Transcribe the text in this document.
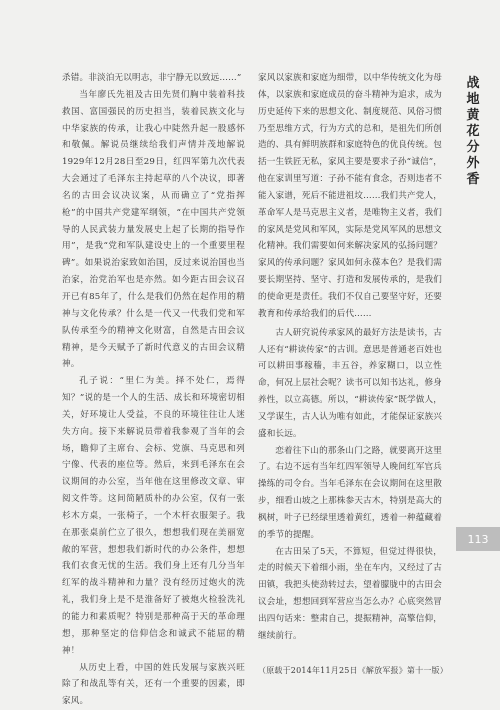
杀错。非淡泊无以明志，非宁静无以致远……”

当年廖氏先祖及古田先贤们胸中装着科技救国、富国强民的历史担当，装着民族文化与中华家族的传承，让我心中陡然升起一股感怀和敬佩。解说员继续给我们声情并茂地解说1929年12月28日至29日，红四军第九次代表大会通过了毛泽东主持起草的八个决议，即著名的古田会议决议案，从而确立了“党指挥枪”的中国共产党建军纲领，“在中国共产党领导的人民武装力量发展史上起了长期的指导作用”，是我“党和军队建设史上的一个重要里程碑”。如果说治家致如治国，反过来说治国也当治家，治党治军也是亦然。如今距古田会议召开已有85年了，什么是我们仍然在起作用的精神与文化传承？什么是一代又一代我们党和军队传承至今的精神文化财富，自然是古田会议精神，是今天赋予了新时代意义的古田会议精神。

孔子说：“里仁为美。择不处仁，焉得知？”说的是一个人的生活、成长和环境密切相关，好环境让人受益，不良的环境往往让人迷失方向。接下来解说员带着我参观了当年的会场，瞻仰了主席台、会标、党旗、马克思和列宁像、代表的座位等。然后，来到毛泽东在会议期间的办公室，当年他在这里修改文章、审阅文件等。这间简陋质朴的办公室，仅有一张杉木方桌，一张椅子，一个木杆衣服架子。我在那张桌前伫立了很久，想想我们现在美丽宽敞的军营，想想我们新时代的办公条件，想想我们衣食无忧的生活。我们身上还有几分当年红军的战斗精神和力量？没有经历过炮火的洗礼，我们身上是不是淮备好了被炮火检验洗礼的能力和素质呢？特别是那种高于天的革命理想，那种坚定的信仰信念和诚武不能屈的精神！

从历史上看，中国的姓氏发展与家族兴旺除了和战乱等有关，还有一个重要的因素，即家风。

家风以家族和家庭为细带，以中华传统文化为母体，以家族和家庭成员的奋斗精神为追求，成为历史延传下来的思想文化、制度规范、风俗习惯乃至思维方式，行为方式的总和，是祖先们所创造的、具有鲜明族群和家庭特色的优良传统。包括一生铁匠无私，家风主要是要求子孙“诚信”，他在家训里写道：子孙不能有食念，否则违者不能入家谱，死后不能进祖坟……我们共产党人，革命军人是马克思主义者，是唯物主义者，我们的家风是党风和军风，实际是党风军风的思想文化精神。我们需要如何来解决家风的弘扬问题？家风的传承问题？家风如何永葆本色？是我们需要长期坚持、坚守、打造和发展传承的，是我们的使命更是责任。我们不仅自己要坚守好，还要教育和传承给我们的后代……

古人研究说传承家风的最好方法是读书，古人还有“耕读传家”的古训。意思是普通老百姓也可以耕田事稼穑，丰五谷，养家糊口，以立性命，何况上层社会呢？读书可以知书达礼，修身养性，以立高德。所以，“耕读传家”既学做人，又学谋生，古人认为唯有如此，才能保证家族兴盛和长远。

恋着往下山的那条山门之路，就要离开这里了。右边不远有当年红四军领导人晚间红军官兵操练的司令台。当年毛泽东在会议期间在这里散步，细看山坡之上那株参天古木，特别是高大的枫树，叶子已经绿里透着黄红，透着一种蕴藏着的季节的提醒。

在古田呆了5天，不算短，但觉过得很快，走的时候天下着细小雨，坐在车内，又经过了古田镇，我把头使劲转过去，望着朦胧中的古田会议会址，想想回到军营应当怎么办？心底突然冒出四句话来：整肃自己，提振精神，高擎信仰，继续前行。

（原载于2014年11月25日《解放军报》第十一版）

战
地
黄
花
分
外
香
113
